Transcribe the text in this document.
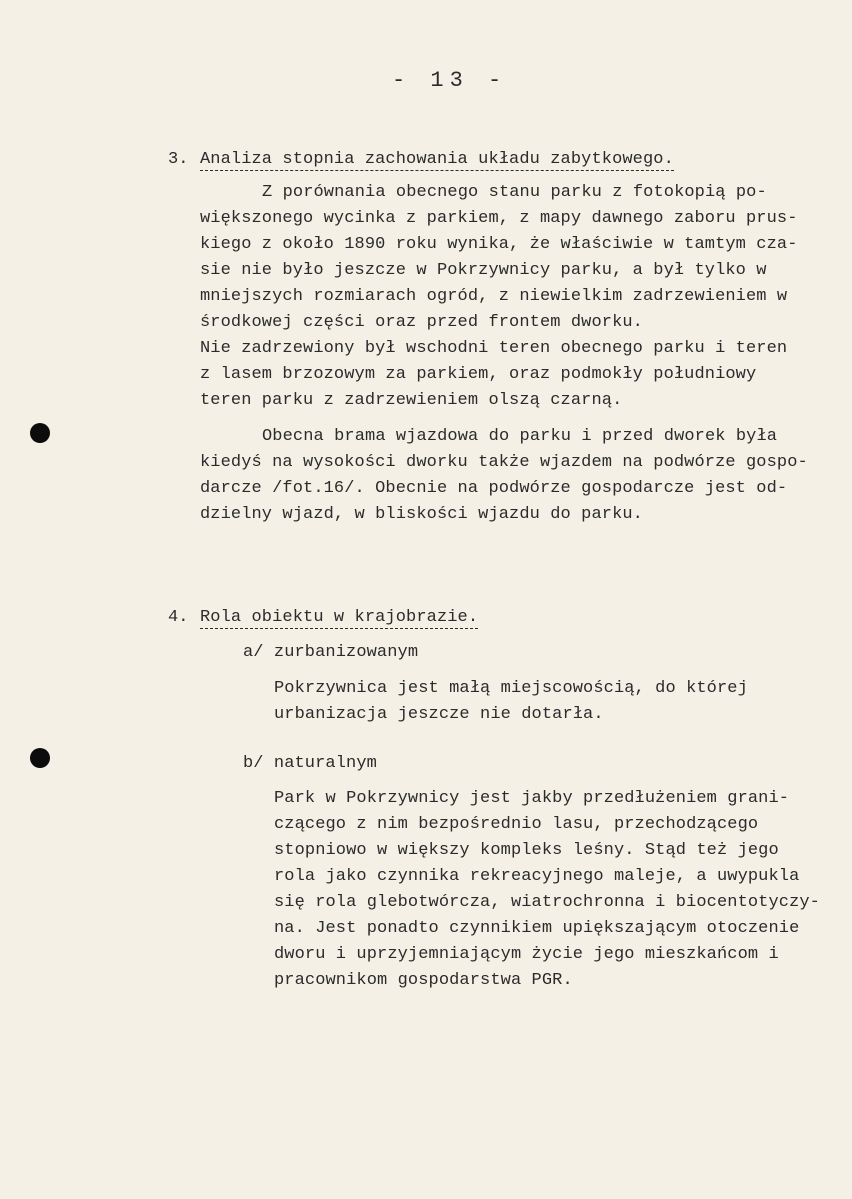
- 13 -
3. Analiza stopnia zachowania układu zabytkowego.
Z porównania obecnego stanu parku z fotokopią po-
większonego wycinka z parkiem, z mapy dawnego zaboru prus-
kiego z około 1890 roku wynika, że właściwie w tamtym cza-
sie nie było jeszcze w Pokrzywnicy parku, a był tylko w
mniejszych rozmiarach ogród, z niewielkim zadrzewieniem w
środkowej części oraz przed frontem dworku.
Nie zadrzewiony był wschodni teren obecnego parku i teren
z lasem brzozowym za parkiem, oraz podmokły południowy
teren parku z zadrzewieniem olszą czarną.
Obecna brama wjazdowa do parku i przed dworek była
kiedyś na wysokości dworku także wjazdem na podwórze gospo-
darcze /fot.16/. Obecnie na podwórze gospodarcze jest od-
dzielny wjazd, w bliskości wjazdu do parku.
4. Rola obiektu w krajobrazie.
a/ zurbanizowanym
Pokrzywnica jest małą miejscowością, do której
urbanizacja jeszcze nie dotarła.
b/ naturalnym
Park w Pokrzywnicy jest jakby przedłużeniem grani-
czącego z nim bezpośrednio lasu, przechodzącego
stopniowo w większy kompleks leśny. Stąd też jego
rola jako czynnika rekreacyjnego maleje, a uwypukla
się rola glebotwórcza, wiatrochronna i biocentotyczy-
na. Jest ponadto czynnikiem upiększającym otoczenie
dworu i uprzyjemniającym życie jego mieszkańcom i
pracownikom gospodarstwa PGR.
